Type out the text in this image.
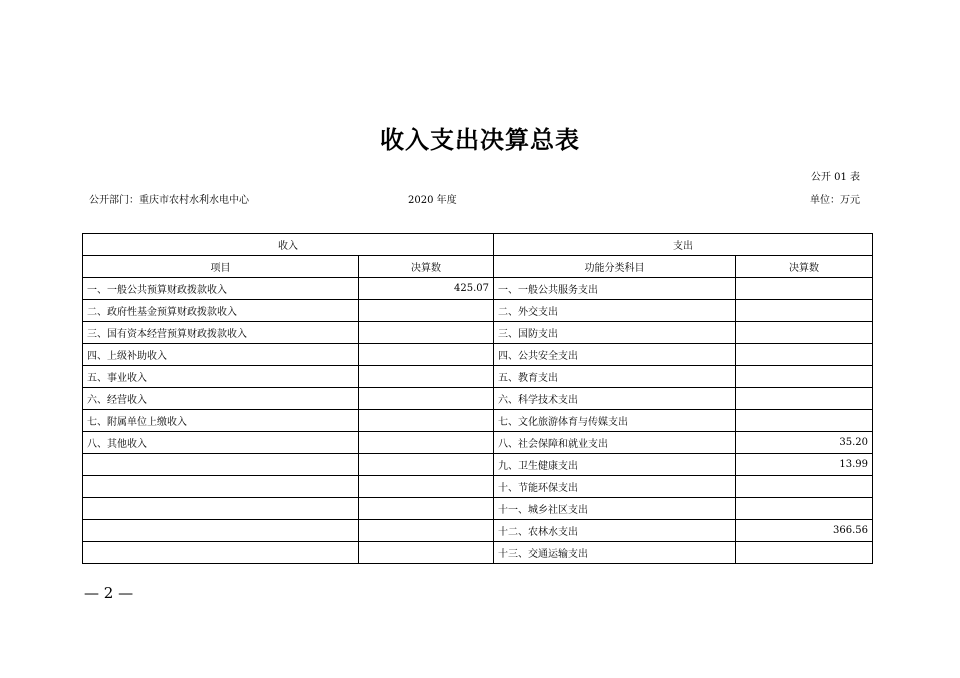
收入支出决算总表
公开 01 表
公开部门：重庆市农村水利水电中心	2020 年度	单位：万元
收入		支出	
项目	决算数	功能分类科目	决算数
一、一般公共预算财政拨款收入	425.07	一、一般公共服务支出	
二、政府性基金预算财政拨款收入		二、外交支出	
三、国有资本经营预算财政拨款收入		三、国防支出	
四、上级补助收入		四、公共安全支出	
五、事业收入		五、教育支出	
六、经营收入		六、科学技术支出	
七、附属单位上缴收入		七、文化旅游体育与传媒支出	
八、其他收入		八、社会保障和就业支出	35.20
		九、卫生健康支出	13.99
		十、节能环保支出	
		十一、城乡社区支出	
		十二、农林水支出	366.56
		十三、交通运输支出	
— 2 —
